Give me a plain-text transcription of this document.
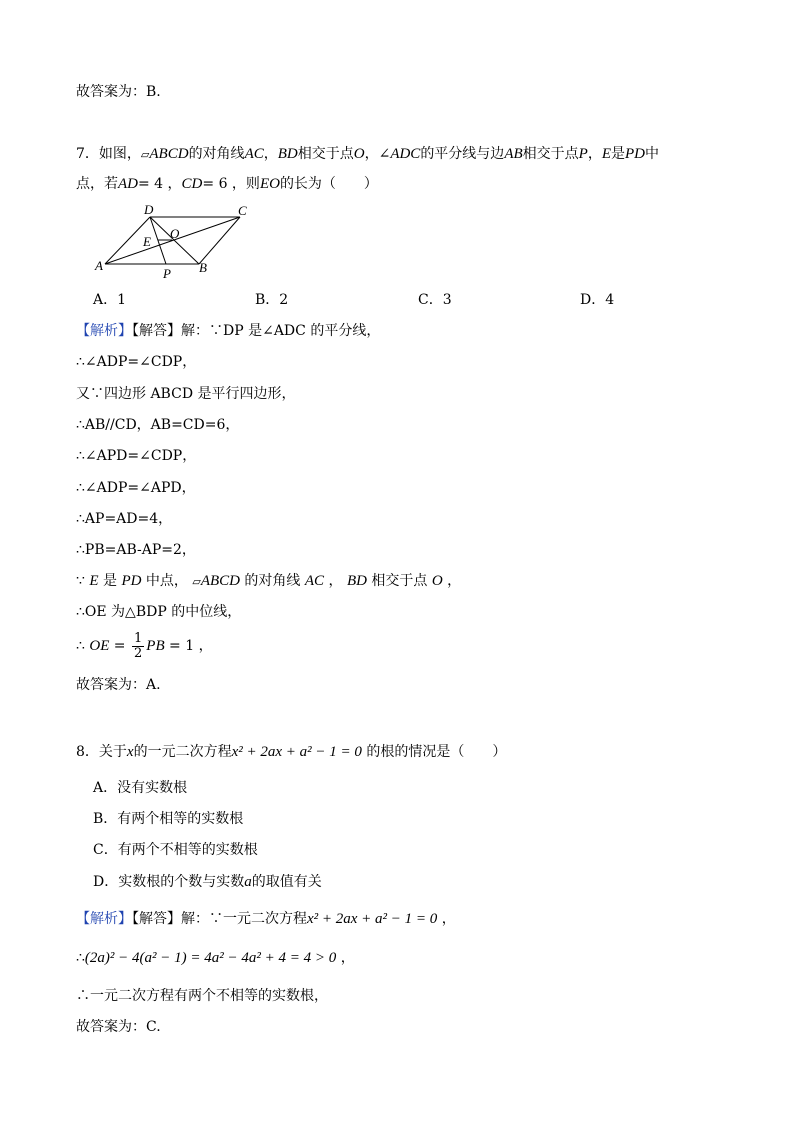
故答案为：B.
7．如图，▱ABCD的对角线AC，BD相交于点O，∠ADC的平分线与边AB相交于点P，E是PD中
点，若AD= 4 ，CD= 6 ，则EO的长为（　　）
D	C
E
O
A
P B
A．1	B．2	C．3	D．4
【解析】【解答】解：∵DP 是∠ADC 的平分线，
∴∠ADP=∠CDP，
又∵四边形 ABCD 是平行四边形，
∴AB//CD，AB=CD=6，
∴∠APD=∠CDP，
∴∠ADP=∠APD，
∴AP=AD=4，
∴PB=AB-AP=2，
∵ E 是 PD 中点， ▱ABCD 的对角线 AC ， BD 相交于点 O ，
∴OE 为△BDP 的中位线，
∴ OE = $\frac{1}{2}$ PB = 1 ，
故答案为：A.
8．关于x的一元二次方程x² + 2ax + a² − 1 = 0 的根的情况是（　　）
A．没有实数根
B．有两个相等的实数根
C．有两个不相等的实数根
D．实数根的个数与实数a的取值有关
【解析】【解答】解：∵一元二次方程x² + 2ax + a² − 1 = 0 ，
∴(2a)² − 4(a² − 1) = 4a² − 4a² + 4 = 4 > 0 ，
∴一元二次方程有两个不相等的实数根，
故答案为：C.
